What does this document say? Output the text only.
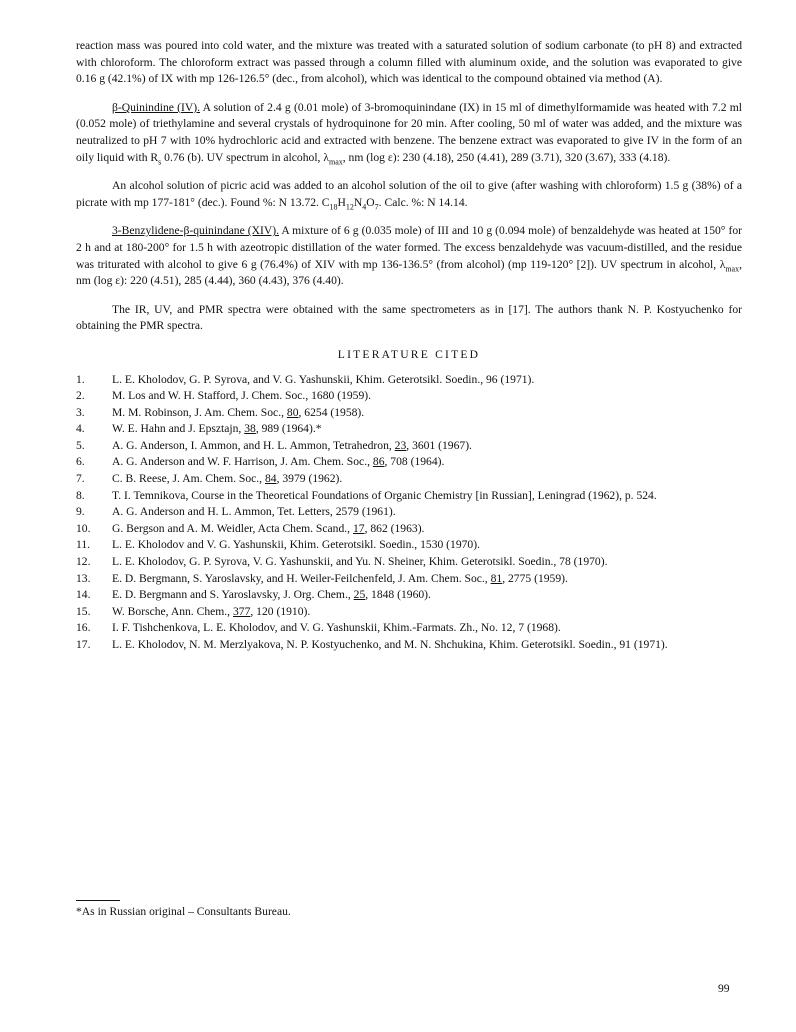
reaction mass was poured into cold water, and the mixture was treated with a saturated solution of sodium carbonate (to pH 8) and extracted with chloroform. The chloroform extract was passed through a column filled with aluminum oxide, and the solution was evaporated to give 0.16 g (42.1%) of IX with mp 126-126.5° (dec., from alcohol), which was identical to the compound obtained via method (A).

β-Quinindine (IV). A solution of 2.4 g (0.01 mole) of 3-bromoquinindane (IX) in 15 ml of dimethylformamide was heated with 7.2 ml (0.052 mole) of triethylamine and several crystals of hydroquinone for 20 min. After cooling, 50 ml of water was added, and the mixture was neutralized to pH 7 with 10% hydrochloric acid and extracted with benzene. The benzene extract was evaporated to give IV in the form of an oily liquid with $R_s$ 0.76 (b). UV spectrum in alcohol, $\lambda_{max}$, nm (log ε): 230 (4.18), 250 (4.41), 289 (3.71), 320 (3.67), 333 (4.18).

An alcohol solution of picric acid was added to an alcohol solution of the oil to give (after washing with chloroform) 1.5 g (38%) of a picrate with mp 177-181° (dec.). Found %: N 13.72. $C_{18}H_{12}N_4O_7$. Calc. %: N 14.14.

3-Benzylidene-β-quinindane (XIV). A mixture of 6 g (0.035 mole) of III and 10 g (0.094 mole) of benzaldehyde was heated at 150° for 2 h and at 180-200° for 1.5 h with azeotropic distillation of the water formed. The excess benzaldehyde was vacuum-distilled, and the residue was triturated with alcohol to give 6 g (76.4%) of XIV with mp 136-136.5° (from alcohol) (mp 119-120° [2]). UV spectrum in alcohol, $\lambda_{max}$, nm (log ε): 220 (4.51), 285 (4.44), 360 (4.43), 376 (4.40).

The IR, UV, and PMR spectra were obtained with the same spectrometers as in [17]. The authors thank N. P. Kostyuchenko for obtaining the PMR spectra.

LITERATURE CITED
1.	L. E. Kholodov, G. P. Syrova, and V. G. Yashunskii, Khim. Geterotsikl. Soedin., 96 (1971).
2.	M. Los and W. H. Stafford, J. Chem. Soc., 1680 (1959).
3.	M. M. Robinson, J. Am. Chem. Soc., 80, 6254 (1958).
4.	W. E. Hahn and J. Epsztajn, 38, 989 (1964).*
5.	A. G. Anderson, I. Ammon, and H. L. Ammon, Tetrahedron, 23, 3601 (1967).
6.	A. G. Anderson and W. F. Harrison, J. Am. Chem. Soc., 86, 708 (1964).
7.	C. B. Reese, J. Am. Chem. Soc., 84, 3979 (1962).
8.	T. I. Temnikova, Course in the Theoretical Foundations of Organic Chemistry [in Russian], Leningrad (1962), p. 524.
9.	A. G. Anderson and H. L. Ammon, Tet. Letters, 2579 (1961).
10.	G. Bergson and A. M. Weidler, Acta Chem. Scand., 17, 862 (1963).
11.	L. E. Kholodov and V. G. Yashunskii, Khim. Geterotsikl. Soedin., 1530 (1970).
12.	L. E. Kholodov, G. P. Syrova, V. G. Yashunskii, and Yu. N. Sheiner, Khim. Geterotsikl. Soedin., 78 (1970).
13.	E. D. Bergmann, S. Yaroslavsky, and H. Weiler-Feilchenfeld, J. Am. Chem. Soc., 81, 2775 (1959).
14.	E. D. Bergmann and S. Yaroslavsky, J. Org. Chem., 25, 1848 (1960).
15.	W. Borsche, Ann. Chem., 377, 120 (1910).
16.	I. F. Tishchenkova, L. E. Kholodov, and V. G. Yashunskii, Khim.-Farmats. Zh., No. 12, 7 (1968).
17.	L. E. Kholodov, N. M. Merzlyakova, N. P. Kostyuchenko, and M. N. Shchukina, Khim. Geterotsikl. Soedin., 91 (1971).
*As in Russian original – Consultants Bureau.
99
